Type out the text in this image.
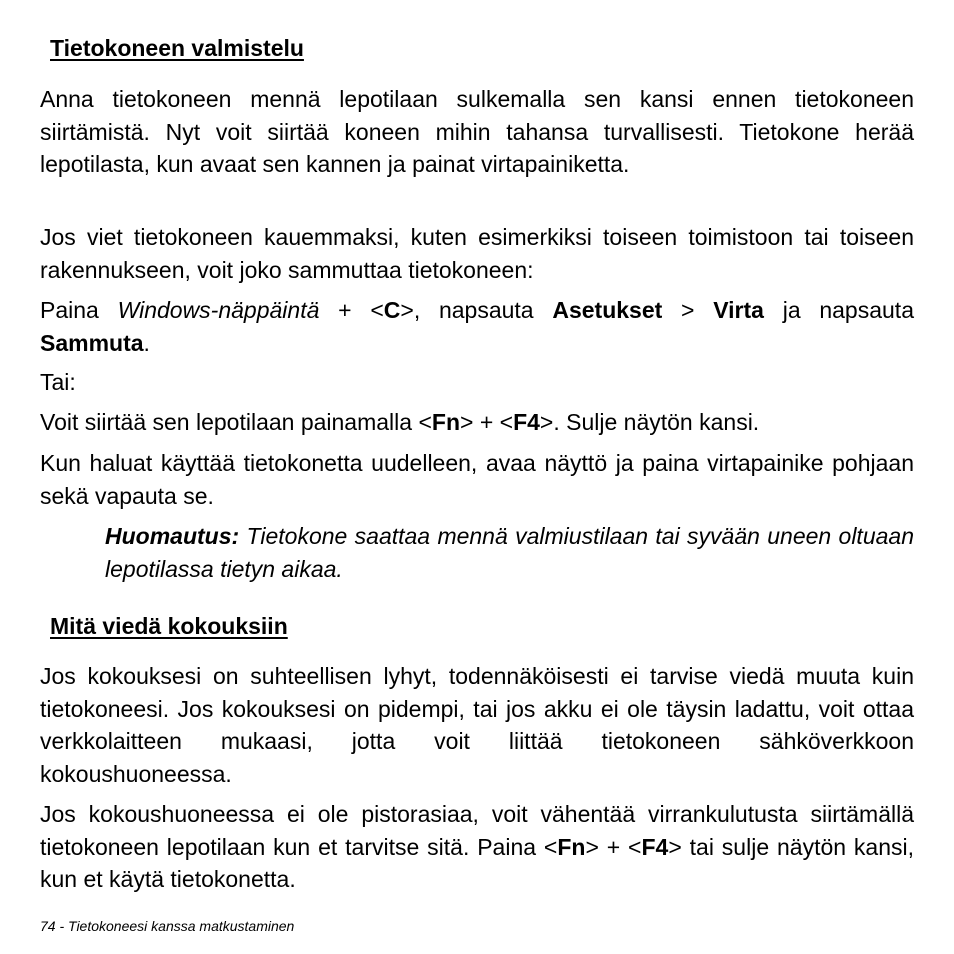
Tietokoneen valmistelu

Anna tietokoneen mennä lepotilaan sulkemalla sen kansi ennen tietokoneen siirtämistä. Nyt voit siirtää koneen mihin tahansa turvallisesti. Tietokone herää lepotilasta, kun avaat sen kannen ja painat virtapainiketta.

Jos viet tietokoneen kauemmaksi, kuten esimerkiksi toiseen toimistoon tai toiseen rakennukseen, voit joko sammuttaa tietokoneen:

Paina Windows-näppäintä + <C>, napsauta Asetukset > Virta ja napsauta Sammuta.

Tai:

Voit siirtää sen lepotilaan painamalla <Fn> + <F4>. Sulje näytön kansi.

Kun haluat käyttää tietokonetta uudelleen, avaa näyttö ja paina virtapainike pohjaan sekä vapauta se.

Huomautus: Tietokone saattaa mennä valmiustilaan tai syvään uneen oltuaan lepotilassa tietyn aikaa.

Mitä viedä kokouksiin

Jos kokouksesi on suhteellisen lyhyt, todennäköisesti ei tarvise viedä muuta kuin tietokoneesi. Jos kokouksesi on pidempi, tai jos akku ei ole täysin ladattu, voit ottaa verkkolaitteen mukaasi, jotta voit liittää tietokoneen sähköverkkoon kokoushuoneessa.

Jos kokoushuoneessa ei ole pistorasiaa, voit vähentää virrankulutusta siirtämällä tietokoneen lepotilaan kun et tarvitse sitä. Paina <Fn> + <F4> tai sulje näytön kansi, kun et käytä tietokonetta.

74 - Tietokoneesi kanssa matkustaminen
